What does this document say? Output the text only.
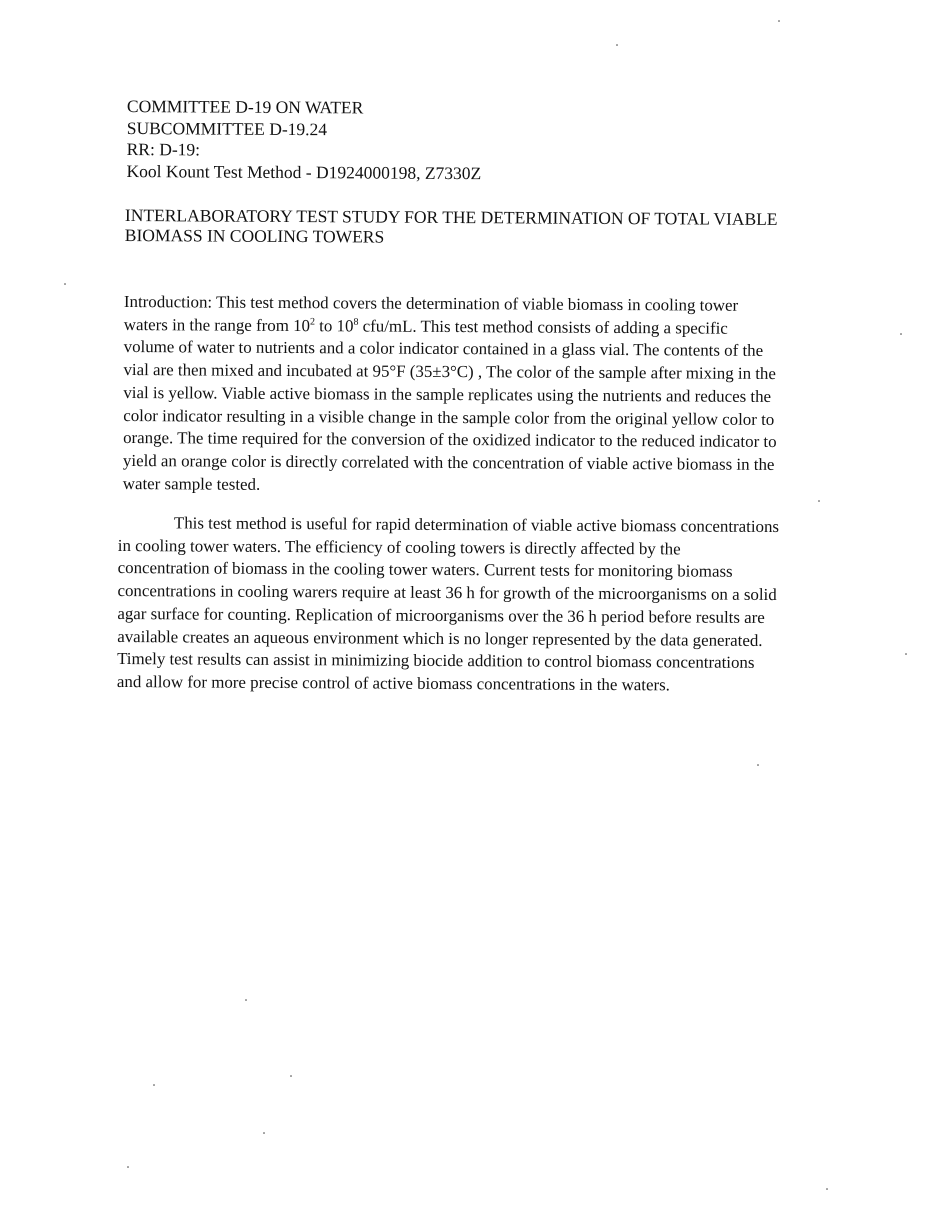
COMMITTEE D-19 ON WATER
SUBCOMMITTEE D-19.24
RR: D-19:
Kool Kount Test Method - D1924000198, Z7330Z
INTERLABORATORY TEST STUDY FOR THE DETERMINATION OF TOTAL VIABLE
BIOMASS IN COOLING TOWERS
Introduction: This test method covers the determination of viable biomass in cooling tower
waters in the range from $10^2$ to $10^8$ cfu/mL. This test method consists of adding a specific
volume of water to nutrients and a color indicator contained in a glass vial. The contents of the
vial are then mixed and incubated at 95°F (35±3°C) , The color of the sample after mixing in the
vial is yellow. Viable active biomass in the sample replicates using the nutrients and reduces the
color indicator resulting in a visible change in the sample color from the original yellow color to
orange. The time required for the conversion of the oxidized indicator to the reduced indicator to
yield an orange color is directly correlated with the concentration of viable active biomass in the
water sample tested.
This test method is useful for rapid determination of viable active biomass concentrations
in cooling tower waters. The efficiency of cooling towers is directly affected by the
concentration of biomass in the cooling tower waters. Current tests for monitoring biomass
concentrations in cooling warers require at least 36 h for growth of the microorganisms on a solid
agar surface for counting. Replication of microorganisms over the 36 h period before results are
available creates an aqueous environment which is no longer represented by the data generated.
Timely test results can assist in minimizing biocide addition to control biomass concentrations
and allow for more precise control of active biomass concentrations in the waters.
